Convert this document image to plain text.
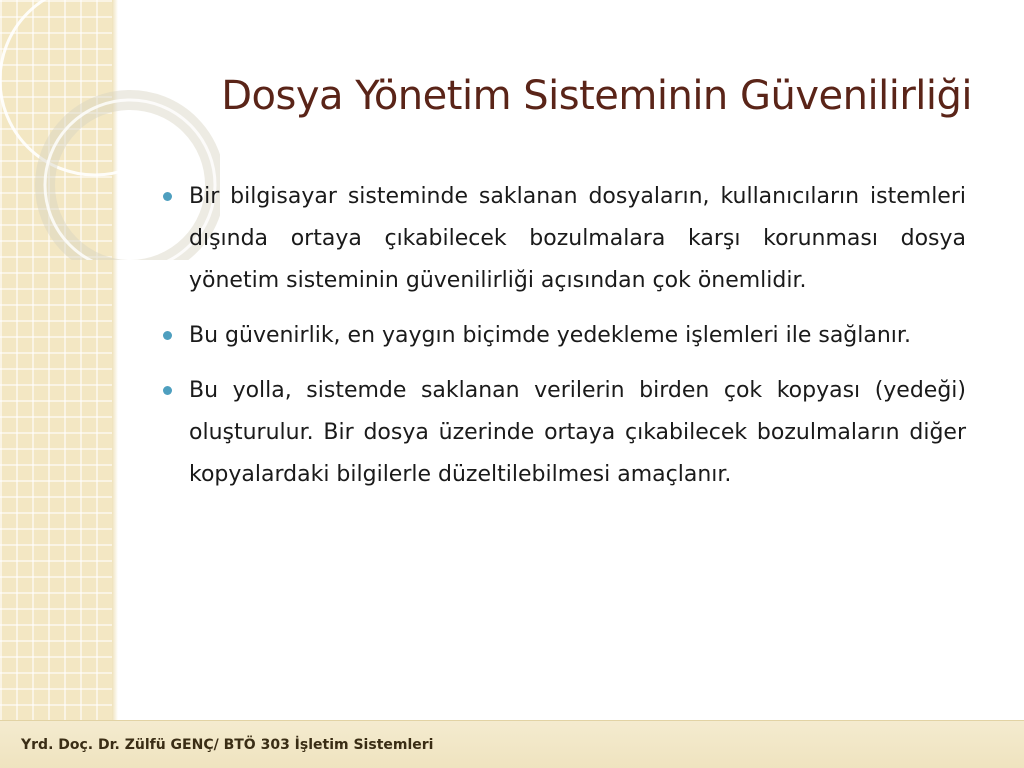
Dosya Yönetim Sisteminin Güvenilirliği
Bir bilgisayar sisteminde saklanan dosyaların, kullanıcıların istemleri dışında ortaya çıkabilecek bozulmalara karşı korunması dosya yönetim sisteminin güvenilirliği açısından çok önemlidir.
Bu güvenirlik, en yaygın biçimde yedekleme işlemleri ile sağlanır.
Bu yolla, sistemde saklanan verilerin birden çok kopyası (yedeği) oluşturulur. Bir dosya üzerinde ortaya çıkabilecek bozulmaların diğer kopyalardaki bilgilerle düzeltilebilmesi amaçlanır.
Yrd. Doç. Dr. Zülfü GENÇ/ BTÖ 303 İşletim Sistemleri
